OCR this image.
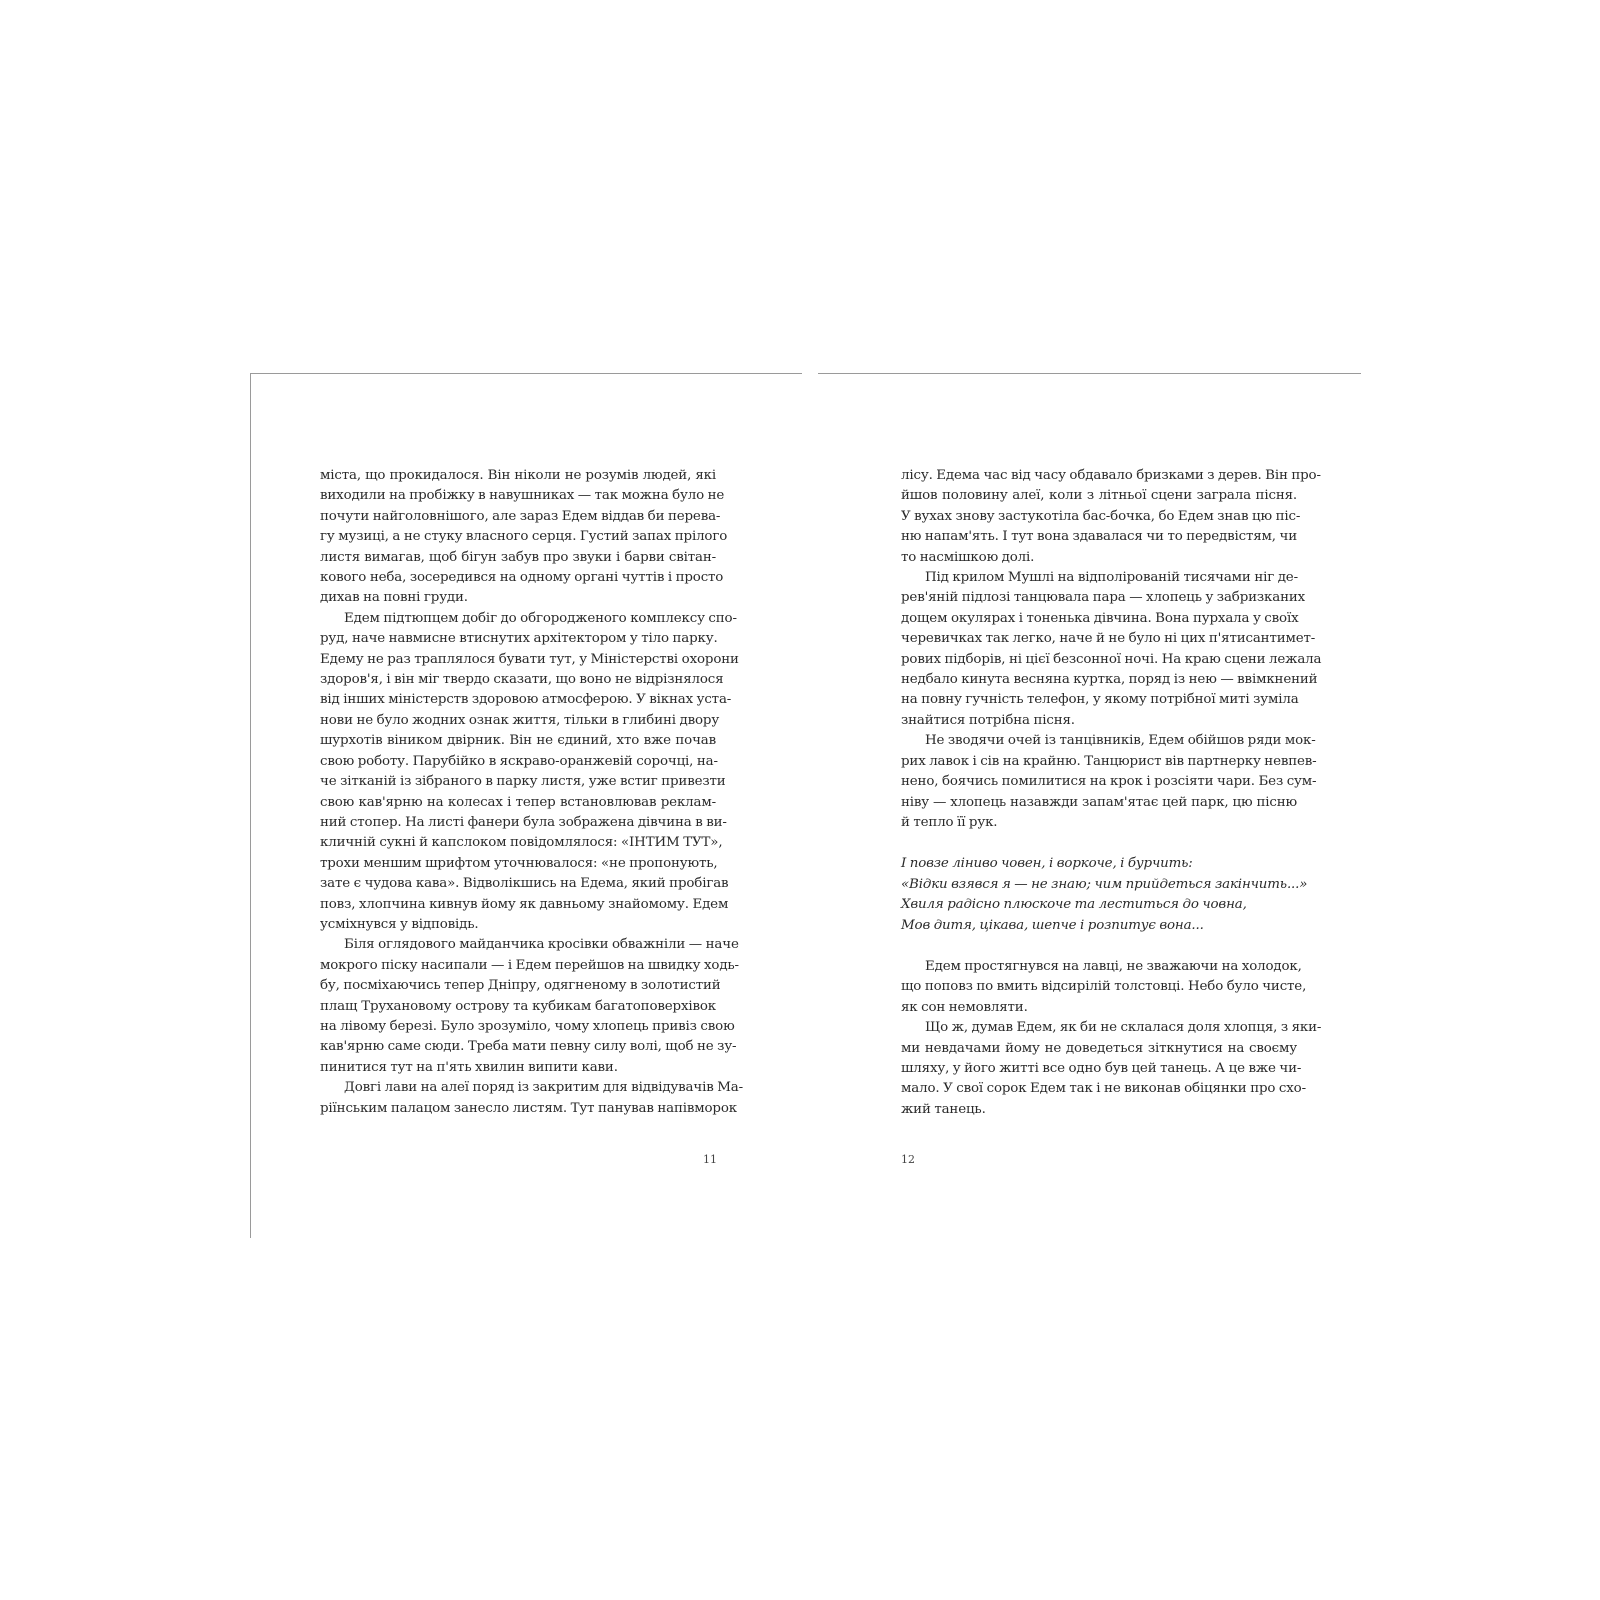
міста, що прокидалося. Він ніколи не розумів людей, які
виходили на пробіжку в навушниках — так можна було не
почути найголовнішого, але зараз Едем віддав би перева-
гу музиці, а не стуку власного серця. Густий запах прілого
листя вимагав, щоб бігун забув про звуки і барви світан-
кового неба, зосередився на одному органі чуттів і просто
дихав на повні груди.

Едем підтюпцем добіг до обгородженого комплексу спо-
руд, наче навмисне втиснутих архітектором у тіло парку.
Едему не раз траплялося бувати тут, у Міністерстві охорони
здоров'я, і він міг твердо сказати, що воно не відрізнялося
від інших міністерств здоровою атмосферою. У вікнах уста-
нови не було жодних ознак життя, тільки в глибині двору
шурхотів віником двірник. Він не єдиний, хто вже почав
свою роботу. Парубійко в яскраво-оранжевій сорочці, на-
че зітканій із зібраного в парку листя, уже встиг привезти
свою кав'ярню на колесах і тепер встановлював реклам-
ний стопер. На листі фанери була зображена дівчина в ви-
кличній сукні й капслоком повідомлялося: «ІНТИМ ТУТ»,
трохи меншим шрифтом уточнювалося: «не пропонують,
зате є чудова кава». Відволікшись на Едема, який пробігав
повз, хлопчина кивнув йому як давньому знайомому. Едем
усміхнувся у відповідь.

Біля оглядового майданчика кросівки обважніли — наче
мокрого піску насипали — і Едем перейшов на швидку ходь-
бу, посміхаючись тепер Дніпру, одягненому в золотистий
плащ Трухановому острову та кубикам багатоповерхівок
на лівому березі. Було зрозуміло, чому хлопець привіз свою
кав'ярню саме сюди. Треба мати певну силу волі, щоб не зу-
пинитися тут на п'ять хвилин випити кави.

Довгі лави на алеї поряд із закритим для відвідувачів Ма-
ріїнським палацом занесло листям. Тут панував напівморок

11

лісу. Едема час від часу обдавало бризками з дерев. Він про-
йшов половину алеї, коли з літньої сцени заграла пісня.
У вухах знову застукотіла бас-бочка, бо Едем знав цю піс-
ню напам'ять. І тут вона здавалася чи то передвістям, чи
то насмішкою долі.

Під крилом Мушлі на відполірованій тисячами ніг де-
рев'яній підлозі танцювала пара — хлопець у забризканих
дощем окулярах і тоненька дівчина. Вона пурхала у своїх
черевичках так легко, наче й не було ні цих п'ятисантимет-
рових підборів, ні цієї безсонної ночі. На краю сцени лежала
недбало кинута весняна куртка, поряд із нею — ввімкнений
на повну гучність телефон, у якому потрібної миті зуміла
знайтися потрібна пісня.

Не зводячи очей із танцівників, Едем обійшов ряди мок-
рих лавок і сів на крайню. Танцюрист вів партнерку невпев-
нено, боячись помилитися на крок і розсіяти чари. Без сум-
ніву — хлопець назавжди запам'ятає цей парк, цю пісню
й тепло її рук.

І повзе ліниво човен, і воркоче, і бурчить:
«Відки взявся я — не знаю; чим прийдеться закінчить...»
Хвиля радісно плюскоче та леститься до човна,
Мов дитя, цікава, шепче і розпитує вона...

Едем простягнувся на лавці, не зважаючи на холодок,
що поповз по вмить відсирілій толстовці. Небо було чисте,
як сон немовляти.

Що ж, думав Едем, як би не склалася доля хлопця, з яки-
ми невдачами йому не доведеться зіткнутися на своєму
шляху, у його житті все одно був цей танець. А це вже чи-
мало. У свої сорок Едем так і не виконав обіцянки про схо-
жий танець.

12
